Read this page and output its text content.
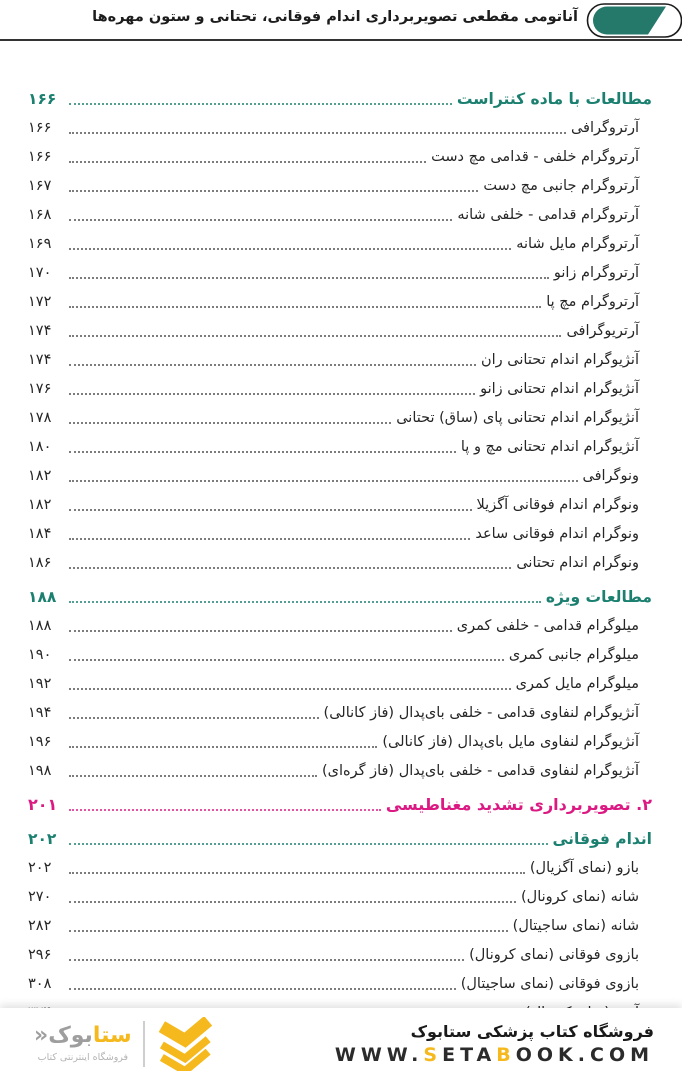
آناتومی مقطعی تصویربرداری اندام فوقانی، تحتانی و ستون مهره‌ها
مطالعات با ماده کنتراست
۱۶۶
آرتروگرافی
۱۶۶
آرتروگرام خلفی - قدامی مچ دست
۱۶۶
آرتروگرام جانبی مچ دست
۱۶۷
آرتروگرام قدامی - خلفی شانه
۱۶۸
آرتروگرام مایل شانه
۱۶۹
آرتروگرام زانو
۱۷۰
آرتروگرام مچ پا
۱۷۲
آرتریوگرافی
۱۷۴
آنژیوگرام اندام تحتانی ران
۱۷۴
آنژیوگرام اندام تحتانی زانو
۱۷۶
آنژیوگرام اندام تحتانی پای (ساق) تحتانی
۱۷۸
آنژیوگرام اندام تحتانی مچ و پا
۱۸۰
ونوگرافی
۱۸۲
ونوگرام اندام فوقانی آگزیلا
۱۸۲
ونوگرام اندام فوقانی ساعد
۱۸۴
ونوگرام اندام تحتانی
۱۸۶
مطالعات ویژه
۱۸۸
میلوگرام قدامی - خلفی کمری
۱۸۸
میلوگرام جانبی کمری
۱۹۰
میلوگرام مایل کمری
۱۹۲
آنژیوگرام لنفاوی قدامی - خلفی بای‌پدال (فاز کانالی)
۱۹۴
آنژیوگرام لنفاوی مایل بای‌پدال (فاز کانالی)
۱۹۶
آنژیوگرام لنفاوی قدامی - خلفی بای‌پدال (فاز گره‌ای)
۱۹۸
۲. تصویربرداری تشدید مغناطیسی
۲۰۱
اندام فوقانی
۲۰۲
بازو (نمای آگزیال)
۲۰۲
شانه (نمای کرونال)
۲۷۰
شانه (نمای ساجیتال)
۲۸۲
بازوی فوقانی (نمای کرونال)
۲۹۶
بازوی فوقانی (نمای ساجیتال)
۳۰۸
ستابوک«
فروشگاه اینترنتی کتاب
فروشگاه کتاب پزشکی ستابوک
WWW.SETABOOK.COM
